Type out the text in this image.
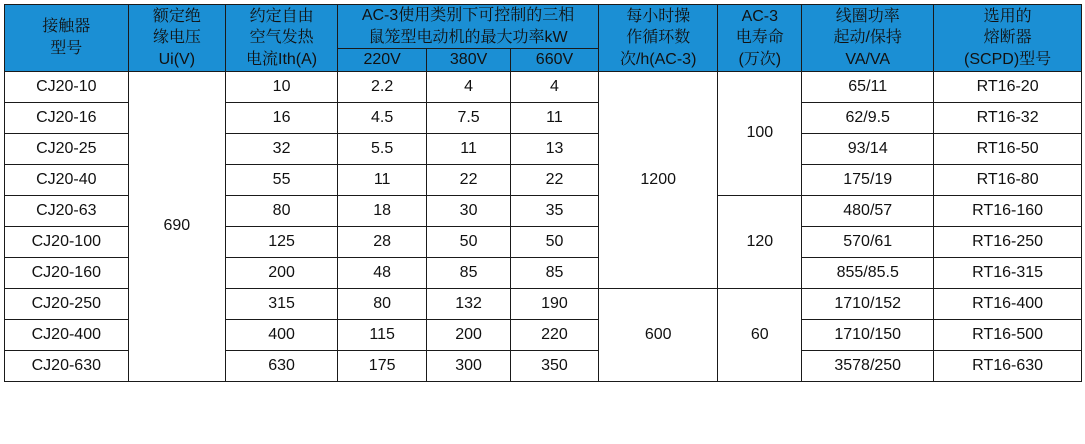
接触器
型号

额定绝
缘电压
Ui(V)

约定自由
空气发热
电流Ith(A)

AC-3使用类别下可控制的三相
鼠笼型电动机的最大功率kW

每小时操
作循环数
次/h(AC-3)

AC-3
电寿命
(万次)

线圈功率
起动/保持
VA/VA

选用的
熔断器
(SCPD)型号

			220V	380V	660V				
CJ20-10	690	10	2.2	4	4	1200	100	65/11	RT16-20
CJ20-16		16	4.5	7.5	11			62/9.5	RT16-32
CJ20-25		32	5.5	11	13			93/14	RT16-50
CJ20-40		55	11	22	22			175/19	RT16-80
CJ20-63		80	18	30	35		120	480/57	RT16-160
CJ20-100		125	28	50	50			570/61	RT16-250
CJ20-160		200	48	85	85			855/85.5	RT16-315
CJ20-250		315	80	132	190	600	60	1710/152	RT16-400
CJ20-400		400	115	200	220			1710/150	RT16-500
CJ20-630		630	175	300	350			3578/250	RT16-630
